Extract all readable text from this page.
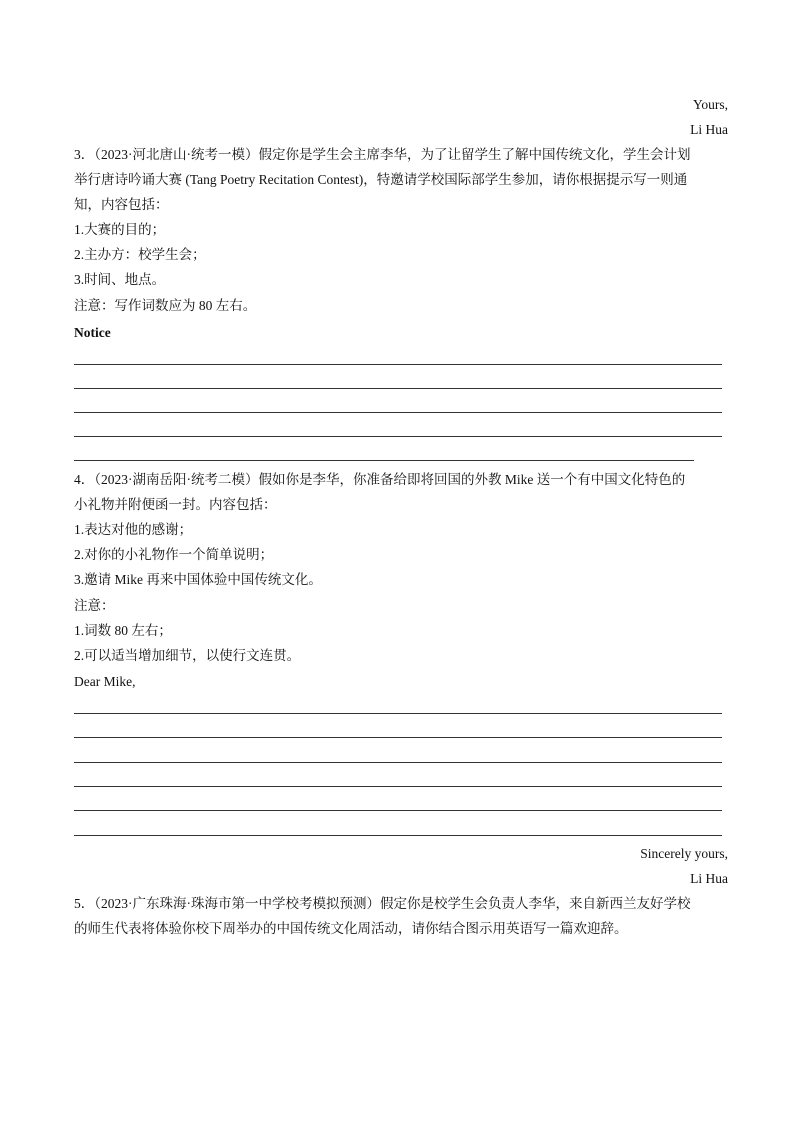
Yours,
Li Hua
3．（2023·河北唐山·统考一模）假定你是学生会主席李华，为了让留学生了解中国传统文化，学生会计划
举行唐诗吟诵大赛 (Tang Poetry Recitation Contest)，特邀请学校国际部学生参加，请你根据提示写一则通
知，内容包括：
1.大赛的目的；
2.主办方：校学生会；
3.时间、地点。
注意：写作词数应为 80 左右。
Notice
4．（2023·湖南岳阳·统考二模）假如你是李华，你准备给即将回国的外教 Mike 送一个有中国文化特色的
小礼物并附便函一封。内容包括：
1.表达对他的感谢；
2.对你的小礼物作一个简单说明；
3.邀请 Mike 再来中国体验中国传统文化。
注意：
1.词数 80 左右；
2.可以适当增加细节，以使行文连贯。
Dear Mike,
Sincerely yours,
Li Hua
5．（2023·广东珠海·珠海市第一中学校考模拟预测）假定你是校学生会负责人李华，来自新西兰友好学校
的师生代表将体验你校下周举办的中国传统文化周活动，请你结合图示用英语写一篇欢迎辞。
